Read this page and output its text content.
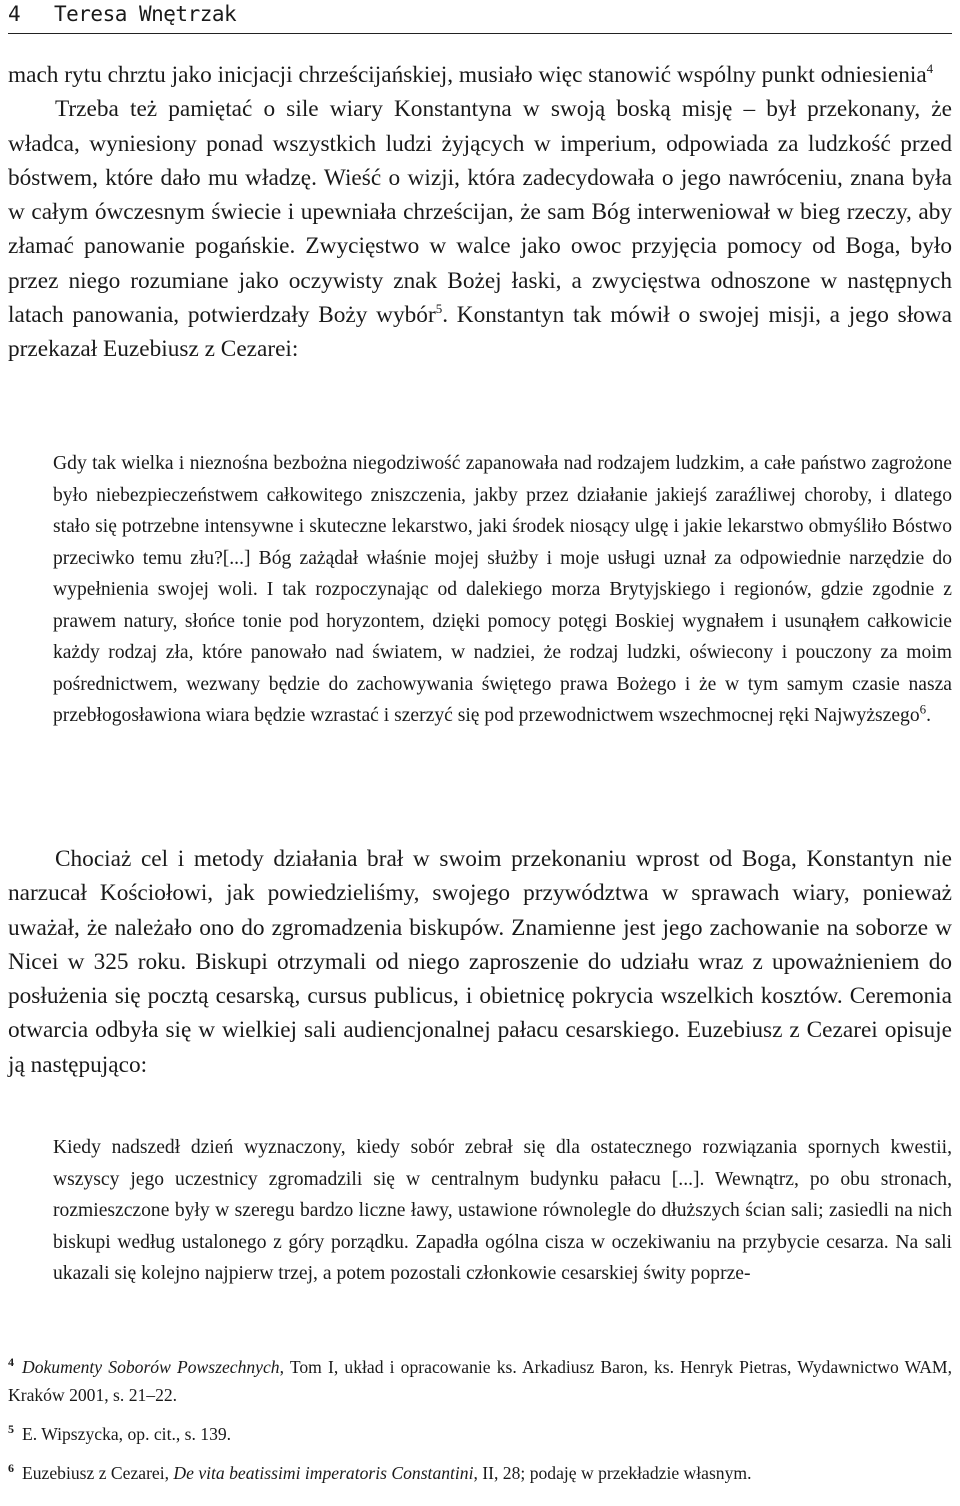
4 Teresa Wnętrzak

mach rytu chrztu jako inicjacji chrześcijańskiej, musiało więc stanowić wspólny punkt odniesienia$^4$

Trzeba też pamiętać o sile wiary Konstantyna w swoją boską misję – był przekonany, że władca, wyniesiony ponad wszystkich ludzi żyjących w imperium, odpowiada za ludzkość przed bóstwem, które dało mu władzę. Wieść o wizji, która zadecydowała o jego nawróceniu, znana była w całym ówczesnym świecie i upewniała chrześcijan, że sam Bóg interweniował w bieg rzeczy, aby złamać panowanie pogańskie. Zwycięstwo w walce jako owoc przyjęcia pomocy od Boga, było przez niego rozumiane jako oczywisty znak Bożej łaski, a zwycięstwa odnoszone w następnych latach panowania, potwierdzały Boży wybór$^5$. Konstantyn tak mówił o swojej misji, a jego słowa przekazał Euzebiusz z Cezarei:

Gdy tak wielka i nieznośna bezbożna niegodziwość zapanowała nad rodzajem ludzkim, a całe państwo zagrożone było niebezpieczeństwem całkowitego zniszczenia, jakby przez działanie jakiejś zaraźliwej choroby, i dlatego stało się potrzebne intensywne i skuteczne lekarstwo, jaki środek niosący ulgę i jakie lekarstwo obmyśliło Bóstwo przeciwko temu złu?[...] Bóg zażądał właśnie mojej służby i moje usługi uznał za odpowiednie narzędzie do wypełnienia swojej woli. I tak rozpoczynając od dalekiego morza Brytyjskiego i regionów, gdzie zgodnie z prawem natury, słońce tonie pod horyzontem, dzięki pomocy potęgi Boskiej wygnałem i usunąłem całkowicie każdy rodzaj zła, które panowało nad światem, w nadziei, że rodzaj ludzki, oświecony i pouczony za moim pośrednictwem, wezwany będzie do zachowywania świętego prawa Bożego i że w tym samym czasie nasza przebłogosławiona wiara będzie wzrastać i szerzyć się pod przewodnictwem wszechmocnej ręki Najwyższego$^6$.

Chociaż cel i metody działania brał w swoim przekonaniu wprost od Boga, Konstantyn nie narzucał Kościołowi, jak powiedzieliśmy, swojego przywództwa w sprawach wiary, ponieważ uważał, że należało ono do zgromadzenia biskupów. Znamienne jest jego zachowanie na soborze w Nicei w 325 roku. Biskupi otrzymali od niego zaproszenie do udziału wraz z upoważnieniem do posłużenia się pocztą cesarską, cursus publicus, i obietnicę pokrycia wszelkich kosztów. Ceremonia otwarcia odbyła się w wielkiej sali audiencjonalnej pałacu cesarskiego. Euzebiusz z Cezarei opisuje ją następująco:

Kiedy nadszedł dzień wyznaczony, kiedy sobór zebrał się dla ostatecznego rozwiązania spornych kwestii, wszyscy jego uczestnicy zgromadzili się w centralnym budynku pałacu [...]. Wewnątrz, po obu stronach, rozmieszczone były w szeregu bardzo liczne ławy, ustawione równolegle do dłuższych ścian sali; zasiedli na nich biskupi według ustalonego z góry porządku. Zapadła ogólna cisza w oczekiwaniu na przybycie cesarza. Na sali ukazali się kolejno najpierw trzej, a potem pozostali członkowie cesarskiej świty poprze-

$^4$ Dokumenty Soborów Powszechnych, Tom I, układ i opracowanie ks. Arkadiusz Baron, ks. Henryk Pietras, Wydawnictwo WAM, Kraków 2001, s. 21–22.

$^5$ E. Wipszycka, op. cit., s. 139.

$^6$ Euzebiusz z Cezarei, De vita beatissimi imperatoris Constantini, II, 28; podaję w przekładzie własnym.
